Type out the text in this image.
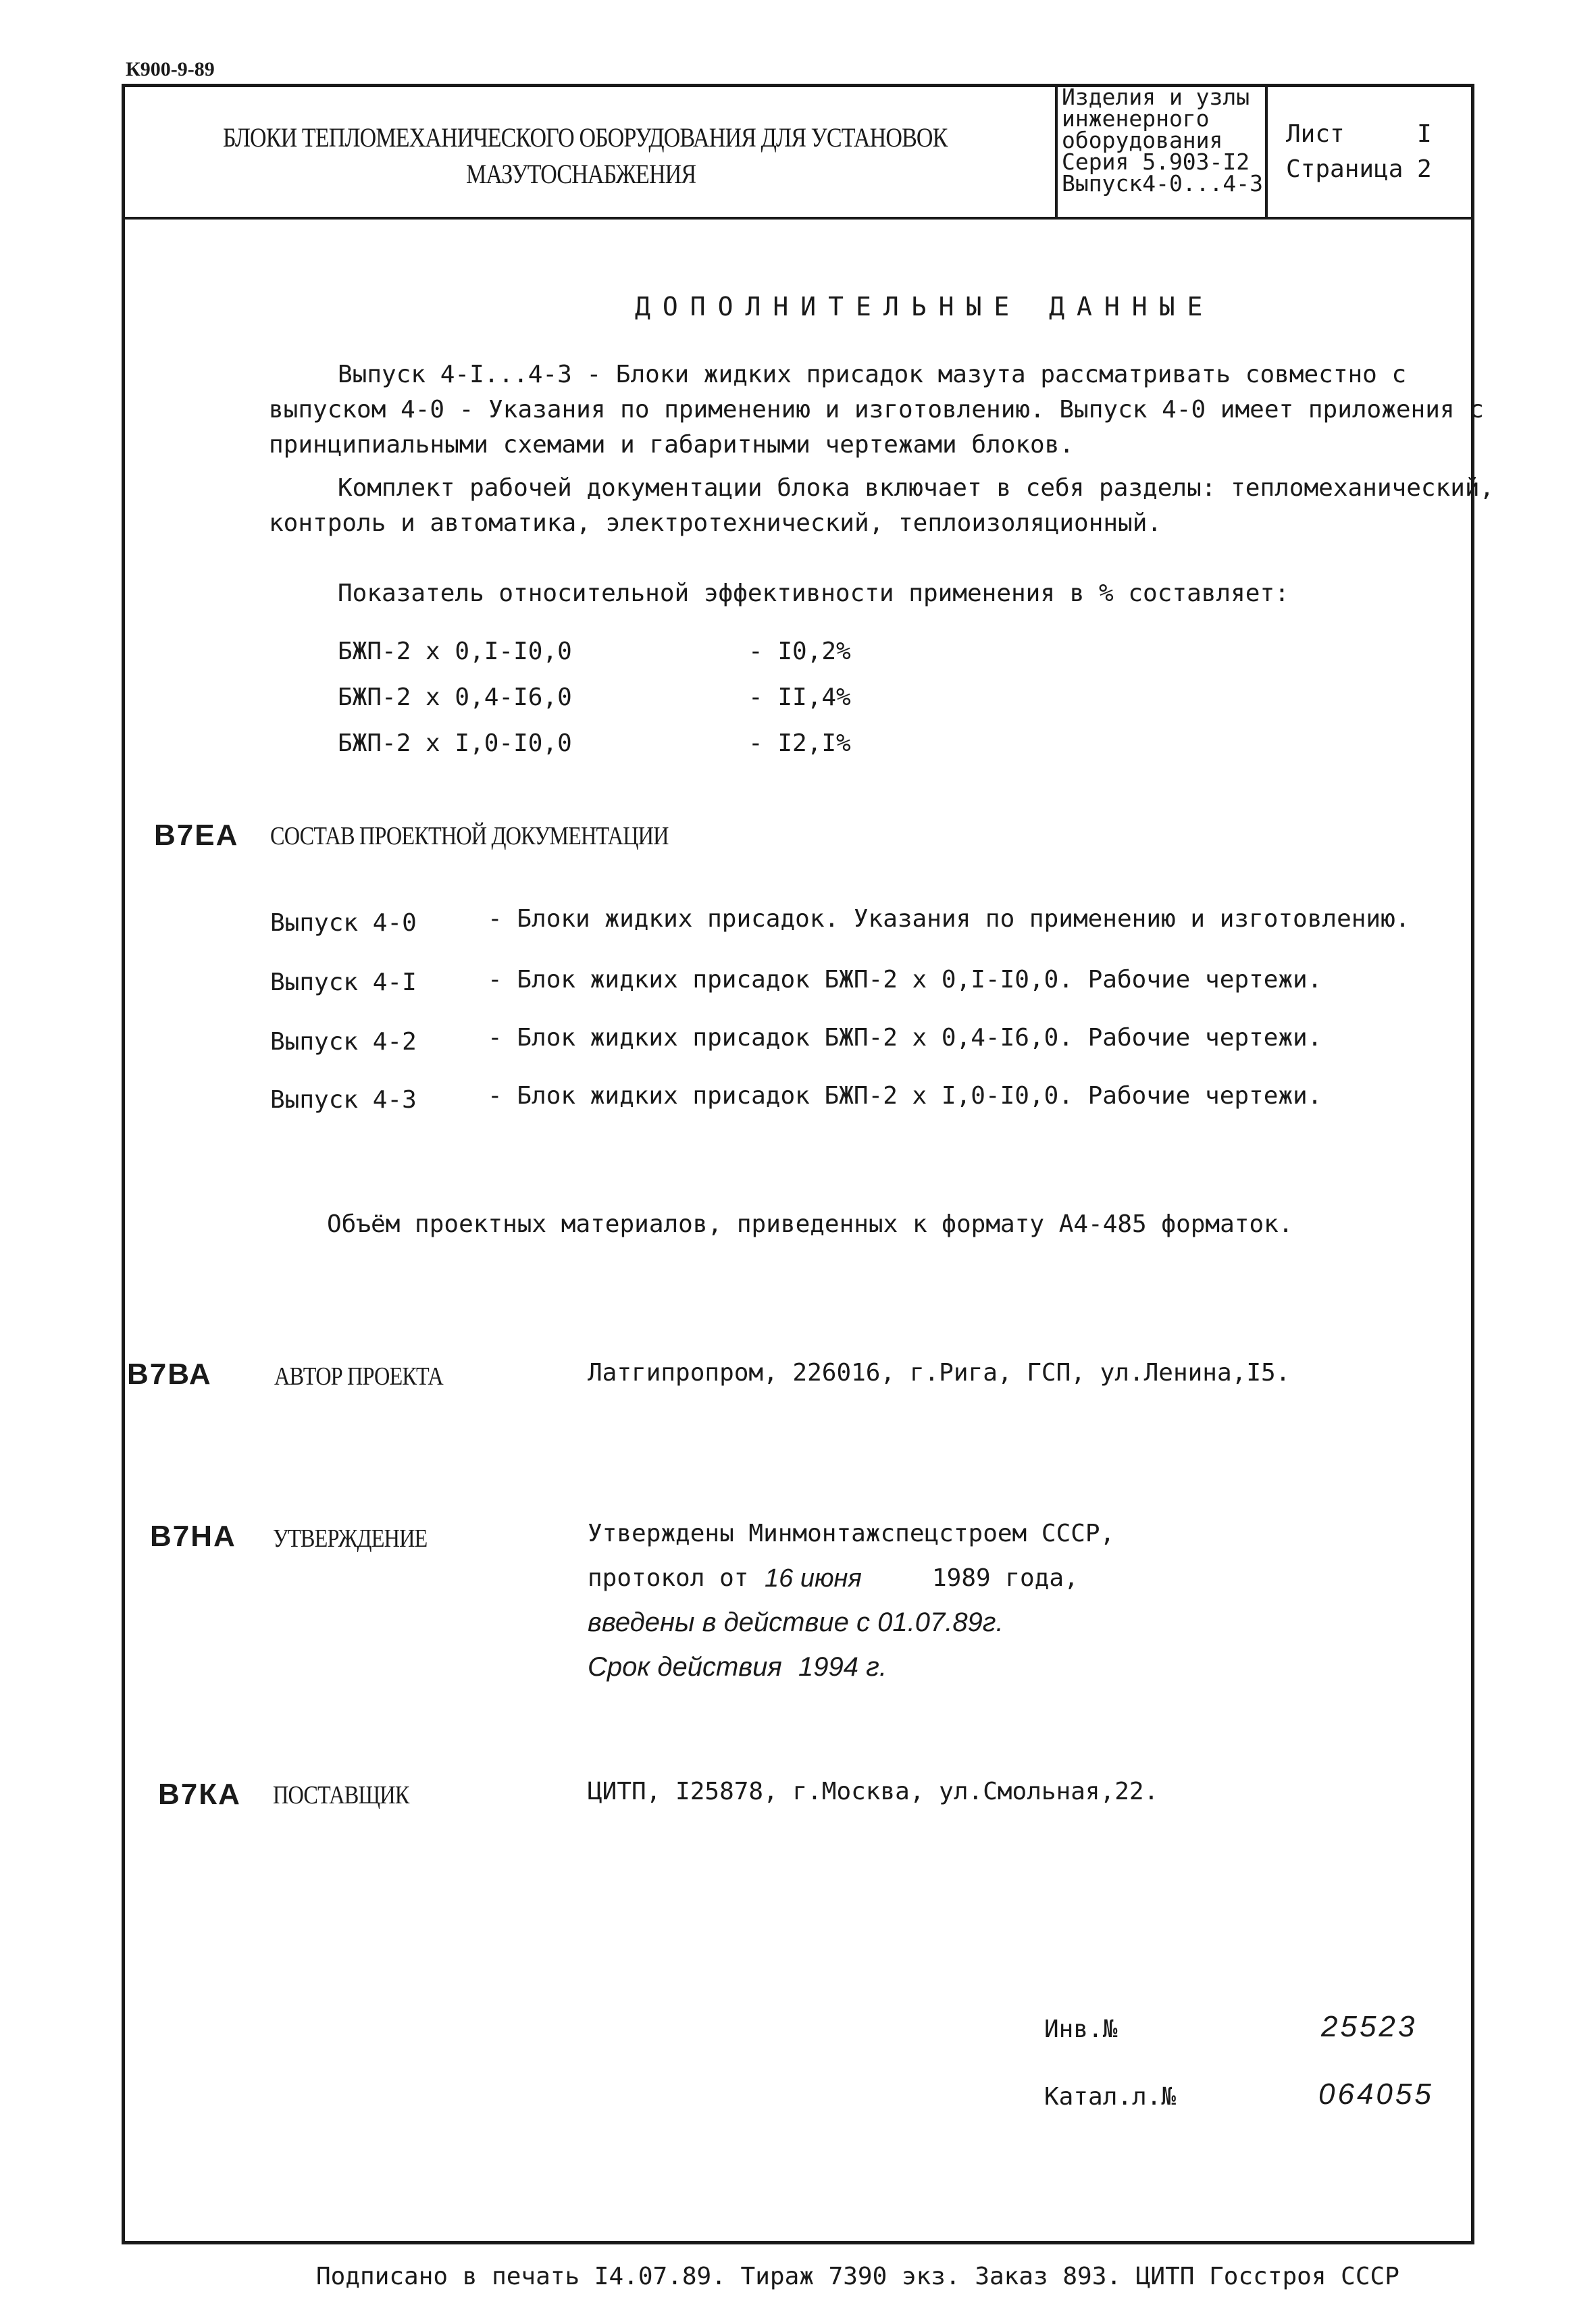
К900-9-89
БЛОКИ ТЕПЛОМЕХАНИЧЕСКОГО ОБОРУДОВАНИЯ ДЛЯ УСТАНОВОК
МАЗУТОСНАБЖЕНИЯ
Изделия и узлы
инженерного
оборудования
Серия 5.903-I2
Выпуск4-0...4-3
Лист	I
Страница 2
ДОПОЛНИТЕЛЬНЫЕ ДАННЫЕ
Выпуск 4-I...4-3 - Блоки жидких присадок мазута рассматривать совместно с
выпуском 4-0 - Указания по применению и изготовлению. Выпуск 4-0 имеет приложения с
принципиальными схемами и габаритными чертежами блоков.
Комплект рабочей документации блока включает в себя разделы: тепломеханический,
контроль и автоматика, электротехнический, теплоизоляционный.
Показатель относительной эффективности применения в % составляет:
БЖП-2 х 0,I-I0,0	- I0,2%
БЖП-2 х 0,4-I6,0	- II,4%
БЖП-2 х I,0-I0,0	- I2,I%
В7ЕА СОСТАВ ПРОЕКТНОЙ ДОКУМЕНТАЦИИ
Выпуск 4-0	- Блоки жидких присадок. Указания по применению и изготовлению.
Выпуск 4-I	- Блок жидких присадок БЖП-2 х 0,I-I0,0. Рабочие чертежи.
Выпуск 4-2	- Блок жидких присадок БЖП-2 х 0,4-I6,0. Рабочие чертежи.
Выпуск 4-3	- Блок жидких присадок БЖП-2 х I,0-I0,0. Рабочие чертежи.
Объём проектных материалов, приведенных к формату А4-485 форматок.
В7ВА АВТОР ПРОЕКТА	Латгипропром, 226016, г.Рига, ГСП, ул.Ленина,I5.
В7НА УТВЕРЖДЕНИЕ	Утверждены Минмонтажспецстроем СССР,
протокол от 16 июня	1989 года,
введены в действие с 01.07.89г.
Срок действия 1994 г.
В7КА ПОСТАВЩИК	ЦИТП, I25878, г.Москва, ул.Смольная,22.
Инв.№	25523
Катал.л.№	064055
Подписано в печать I4.07.89. Тираж 7390 экз. Заказ 893. ЦИТП Госстроя СССР
